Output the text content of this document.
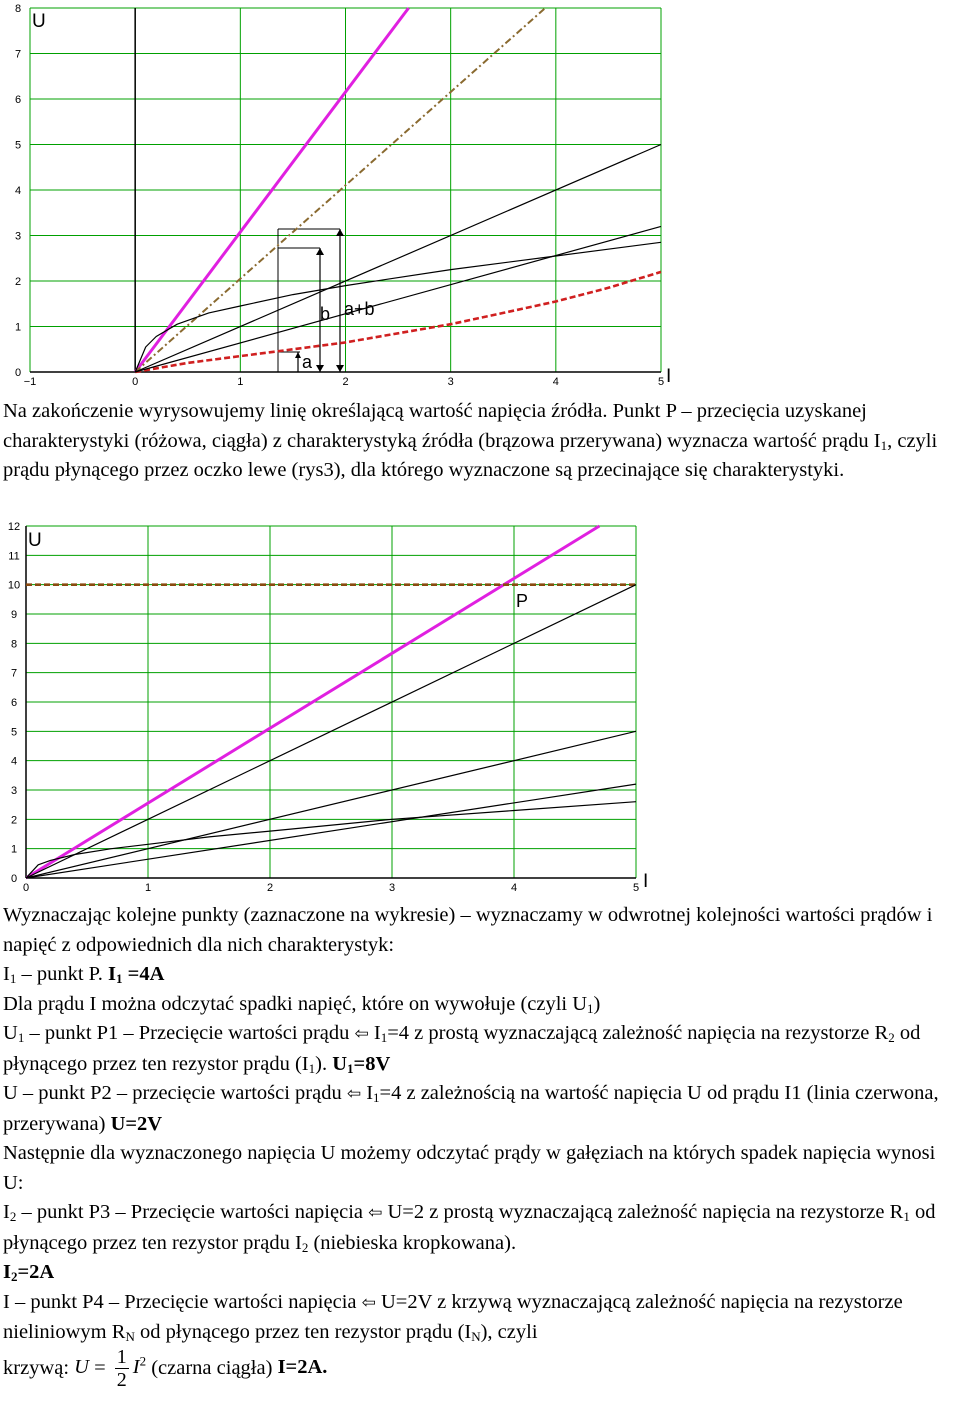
−1	0	1	2	3	4	5
0
1
2
3
4
5
6
7
8
U
I
a
b a+b

Na zakończenie wyrysowujemy linię określającą wartość napięcia źródła. Punkt P – przecięcia uzyskanej charakterystyki (różowa, ciągła) z charakterystyką źródła (brązowa przerywana) wyznacza wartość prądu $I_1$, czyli prądu płynącego przez oczko lewe (rys3), dla którego wyznaczone są przecinające się charakterystyki.

0	1	2	3	4	5
0
1
2
3
4
5
6
7
8
9
10
11
12
U
I
P

Wyznaczając kolejne punkty (zaznaczone na wykresie) – wyznaczamy w odwrotnej kolejności wartości prądów i napięć z odpowiednich dla nich charakterystyk:
$I_1$ – punkt P. $I_1 =4A$
Dla prądu I można odczytać spadki napięć, które on wywołuje (czyli $U_1$)
$U_1$ – punkt P1 – Przecięcie wartości prądu ⇦ $I_1=4$ z prostą wyznaczającą zależność napięcia na rezystorze $R_2$ od płynącego przez ten rezystor prądu $(I_1)$. $U_1=8V$
U – punkt P2 – przecięcie wartości prądu ⇦ $I_1=4$ z zależnością na wartość napięcia U od prądu I1 (linia czerwona, przerywana) U=2V
Następnie dla wyznaczonego napięcia U możemy odczytać prądy w gałęziach na których spadek napięcia wynosi U:
$I_2$ – punkt P3 – Przecięcie wartości napięcia ⇦ U=2 z prostą wyznaczającą zależność napięcia na rezystorze $R_1$ od płynącego przez ten rezystor prądu $I_2$ (niebieska kropkowana).
$I_2=2A$
I – punkt P4 – Przecięcie wartości napięcia ⇦ U=2V z krzywą wyznaczającą zależność napięcia na rezystorze nieliniowym $R_N$ od płynącego przez ten rezystor prądu $(I_N)$, czyli

krzywą: $U = \frac{1}{2} I^2$ (czarna ciągła) I=2A.
